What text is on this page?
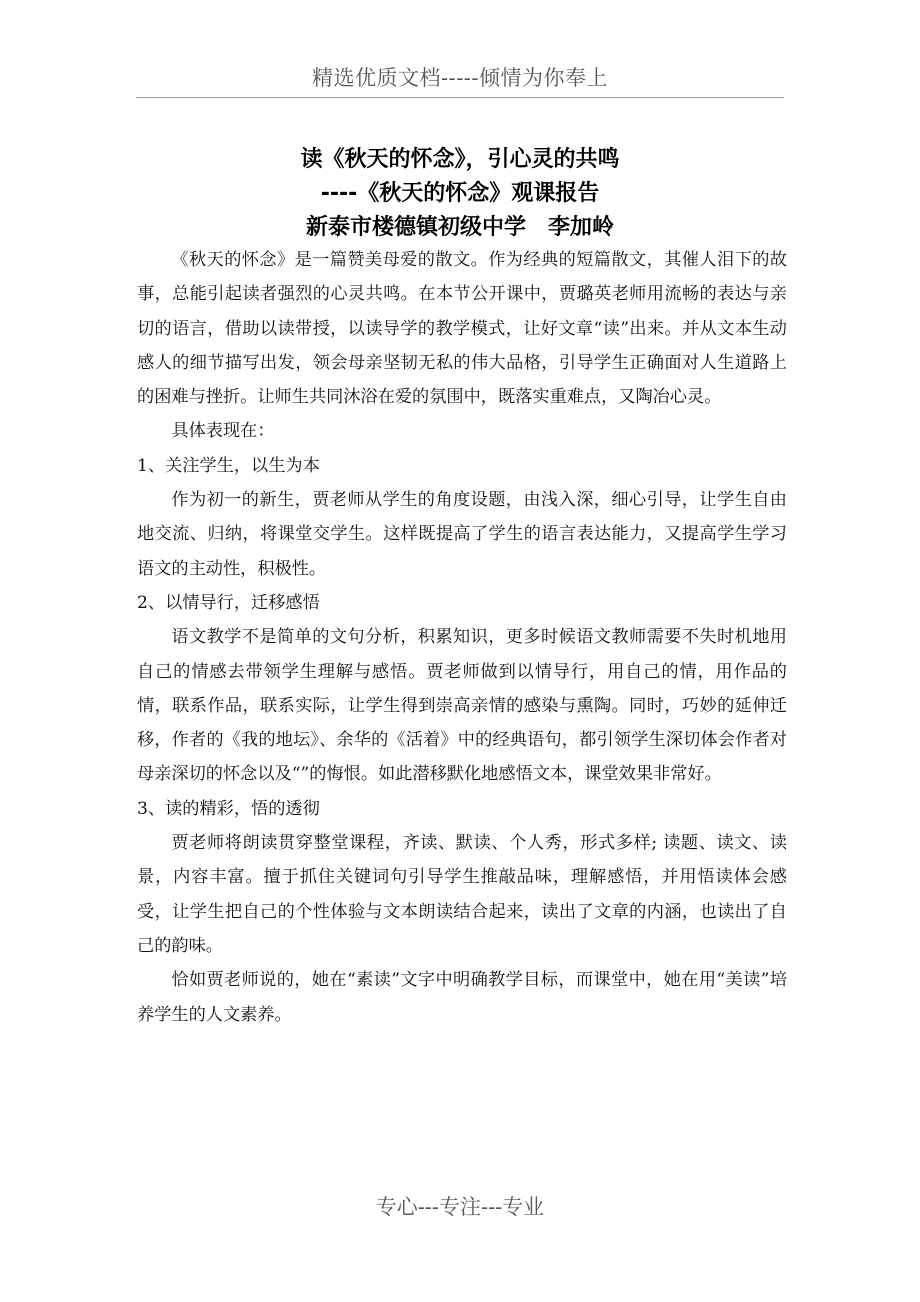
精选优质文档-----倾情为你奉上
读《秋天的怀念》，引心灵的共鸣
----《秋天的怀念》观课报告
新泰市楼德镇初级中学　李加岭

《秋天的怀念》是一篇赞美母爱的散文。作为经典的短篇散文，其催人泪下的故事，总能引起读者强烈的心灵共鸣。在本节公开课中，贾璐英老师用流畅的表达与亲切的语言，借助以读带授，以读导学的教学模式，让好文章“读”出来。并从文本生动感人的细节描写出发，领会母亲坚韧无私的伟大品格，引导学生正确面对人生道路上的困难与挫折。让师生共同沐浴在爱的氛围中，既落实重难点，又陶冶心灵。

具体表现在：

1、关注学生，以生为本

作为初一的新生，贾老师从学生的角度设题，由浅入深，细心引导，让学生自由地交流、归纳，将课堂交学生。这样既提高了学生的语言表达能力，又提高学生学习语文的主动性，积极性。

2、以情导行，迁移感悟

语文教学不是简单的文句分析，积累知识，更多时候语文教师需要不失时机地用自己的情感去带领学生理解与感悟。贾老师做到以情导行，用自己的情，用作品的情，联系作品，联系实际，让学生得到崇高亲情的感染与熏陶。同时，巧妙的延伸迁移，作者的《我的地坛》、余华的《活着》中的经典语句，都引领学生深切体会作者对母亲深切的怀念以及“”的悔恨。如此潜移默化地感悟文本，课堂效果非常好。

3、读的精彩，悟的透彻

贾老师将朗读贯穿整堂课程，齐读、默读、个人秀，形式多样; 读题、读文、读景，内容丰富。擅于抓住关键词句引导学生推敲品味，理解感悟，并用悟读体会感受，让学生把自己的个性体验与文本朗读结合起来，读出了文章的内涵，也读出了自己的韵味。

恰如贾老师说的，她在“素读”文字中明确教学目标，而课堂中，她在用“美读”培养学生的人文素养。

专心---专注---专业
